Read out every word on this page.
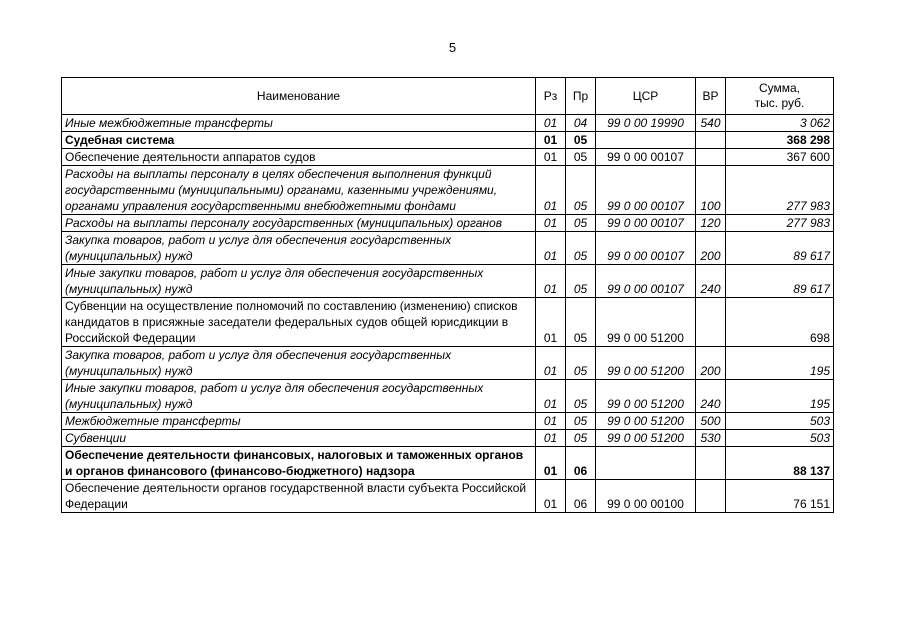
5
Наименование	Рз	Пр	ЦСР	ВР	Сумма,
тыс. руб.
Иные межбюджетные трансферты	01	04	99 0 00 19990	540	3 062
Судебная система	01	05			368 298
Обеспечение деятельности аппаратов судов	01	05	99 0 00 00107		367 600
Расходы на выплаты персоналу в целях обеспечения выполнения функций государственными (муниципальными) органами, казенными учреждениями, органами управления государственными внебюджетными фондами	01	05	99 0 00 00107	100	277 983
Расходы на выплаты персоналу государственных (муниципальных) органов	01	05	99 0 00 00107	120	277 983
Закупка товаров, работ и услуг для обеспечения государственных (муниципальных) нужд	01	05	99 0 00 00107	200	89 617
Иные закупки товаров, работ и услуг для обеспечения государственных (муниципальных) нужд	01	05	99 0 00 00107	240	89 617
Субвенции на осуществление полномочий по составлению (изменению) списков кандидатов в присяжные заседатели федеральных судов общей юрисдикции в Российской Федерации	01	05	99 0 00 51200		698
Закупка товаров, работ и услуг для обеспечения государственных (муниципальных) нужд	01	05	99 0 00 51200	200	195
Иные закупки товаров, работ и услуг для обеспечения государственных (муниципальных) нужд	01	05	99 0 00 51200	240	195
Межбюджетные трансферты	01	05	99 0 00 51200	500	503
Субвенции	01	05	99 0 00 51200	530	503
Обеспечение деятельности финансовых, налоговых и таможенных органов и органов финансового (финансово-бюджетного) надзора	01	06			88 137
Обеспечение деятельности органов государственной власти субъекта Российской Федерации	01	06	99 0 00 00100		76 151
